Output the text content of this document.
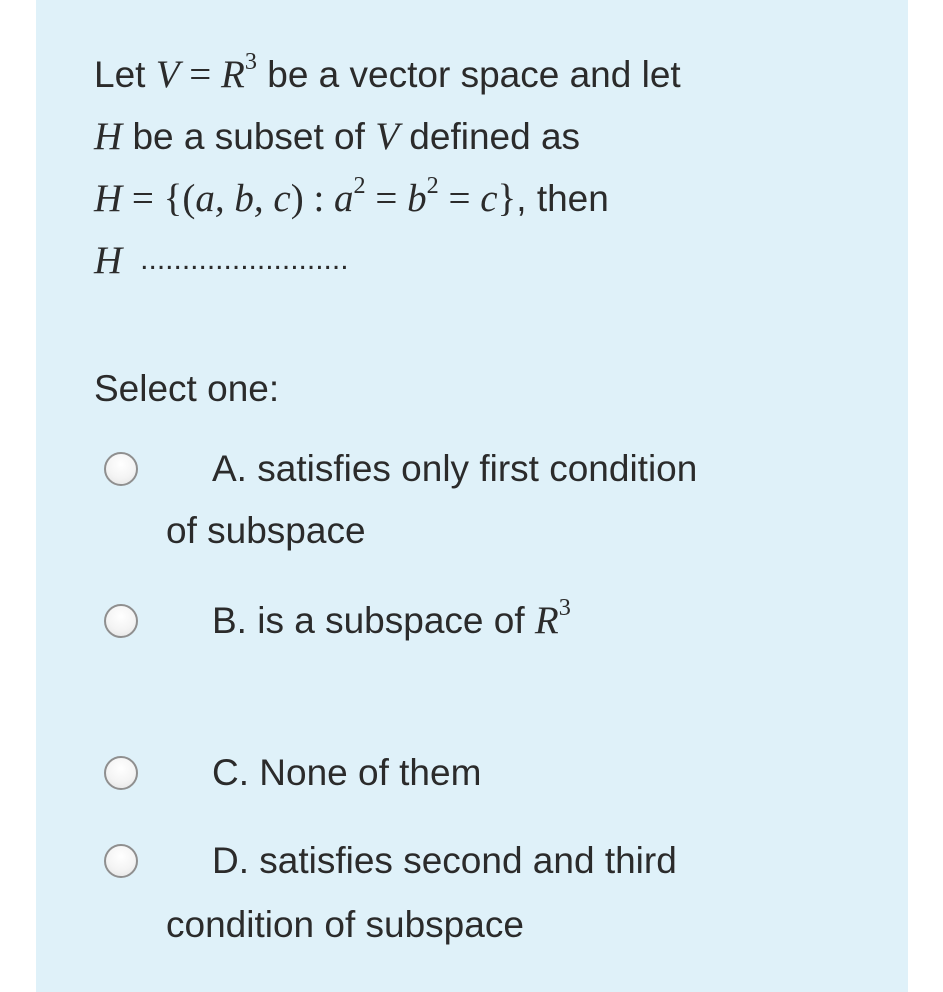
Let $V = R^3$ be a vector space and let
H be a subset of V defined as
H = {(a, b, c) : $a^2 = b^2 = c$}, then
H .........................
Select one:
A. satisfies only first condition
of subspace
B. is a subspace of $R^3$
C. None of them
D. satisfies second and third
condition of subspace
